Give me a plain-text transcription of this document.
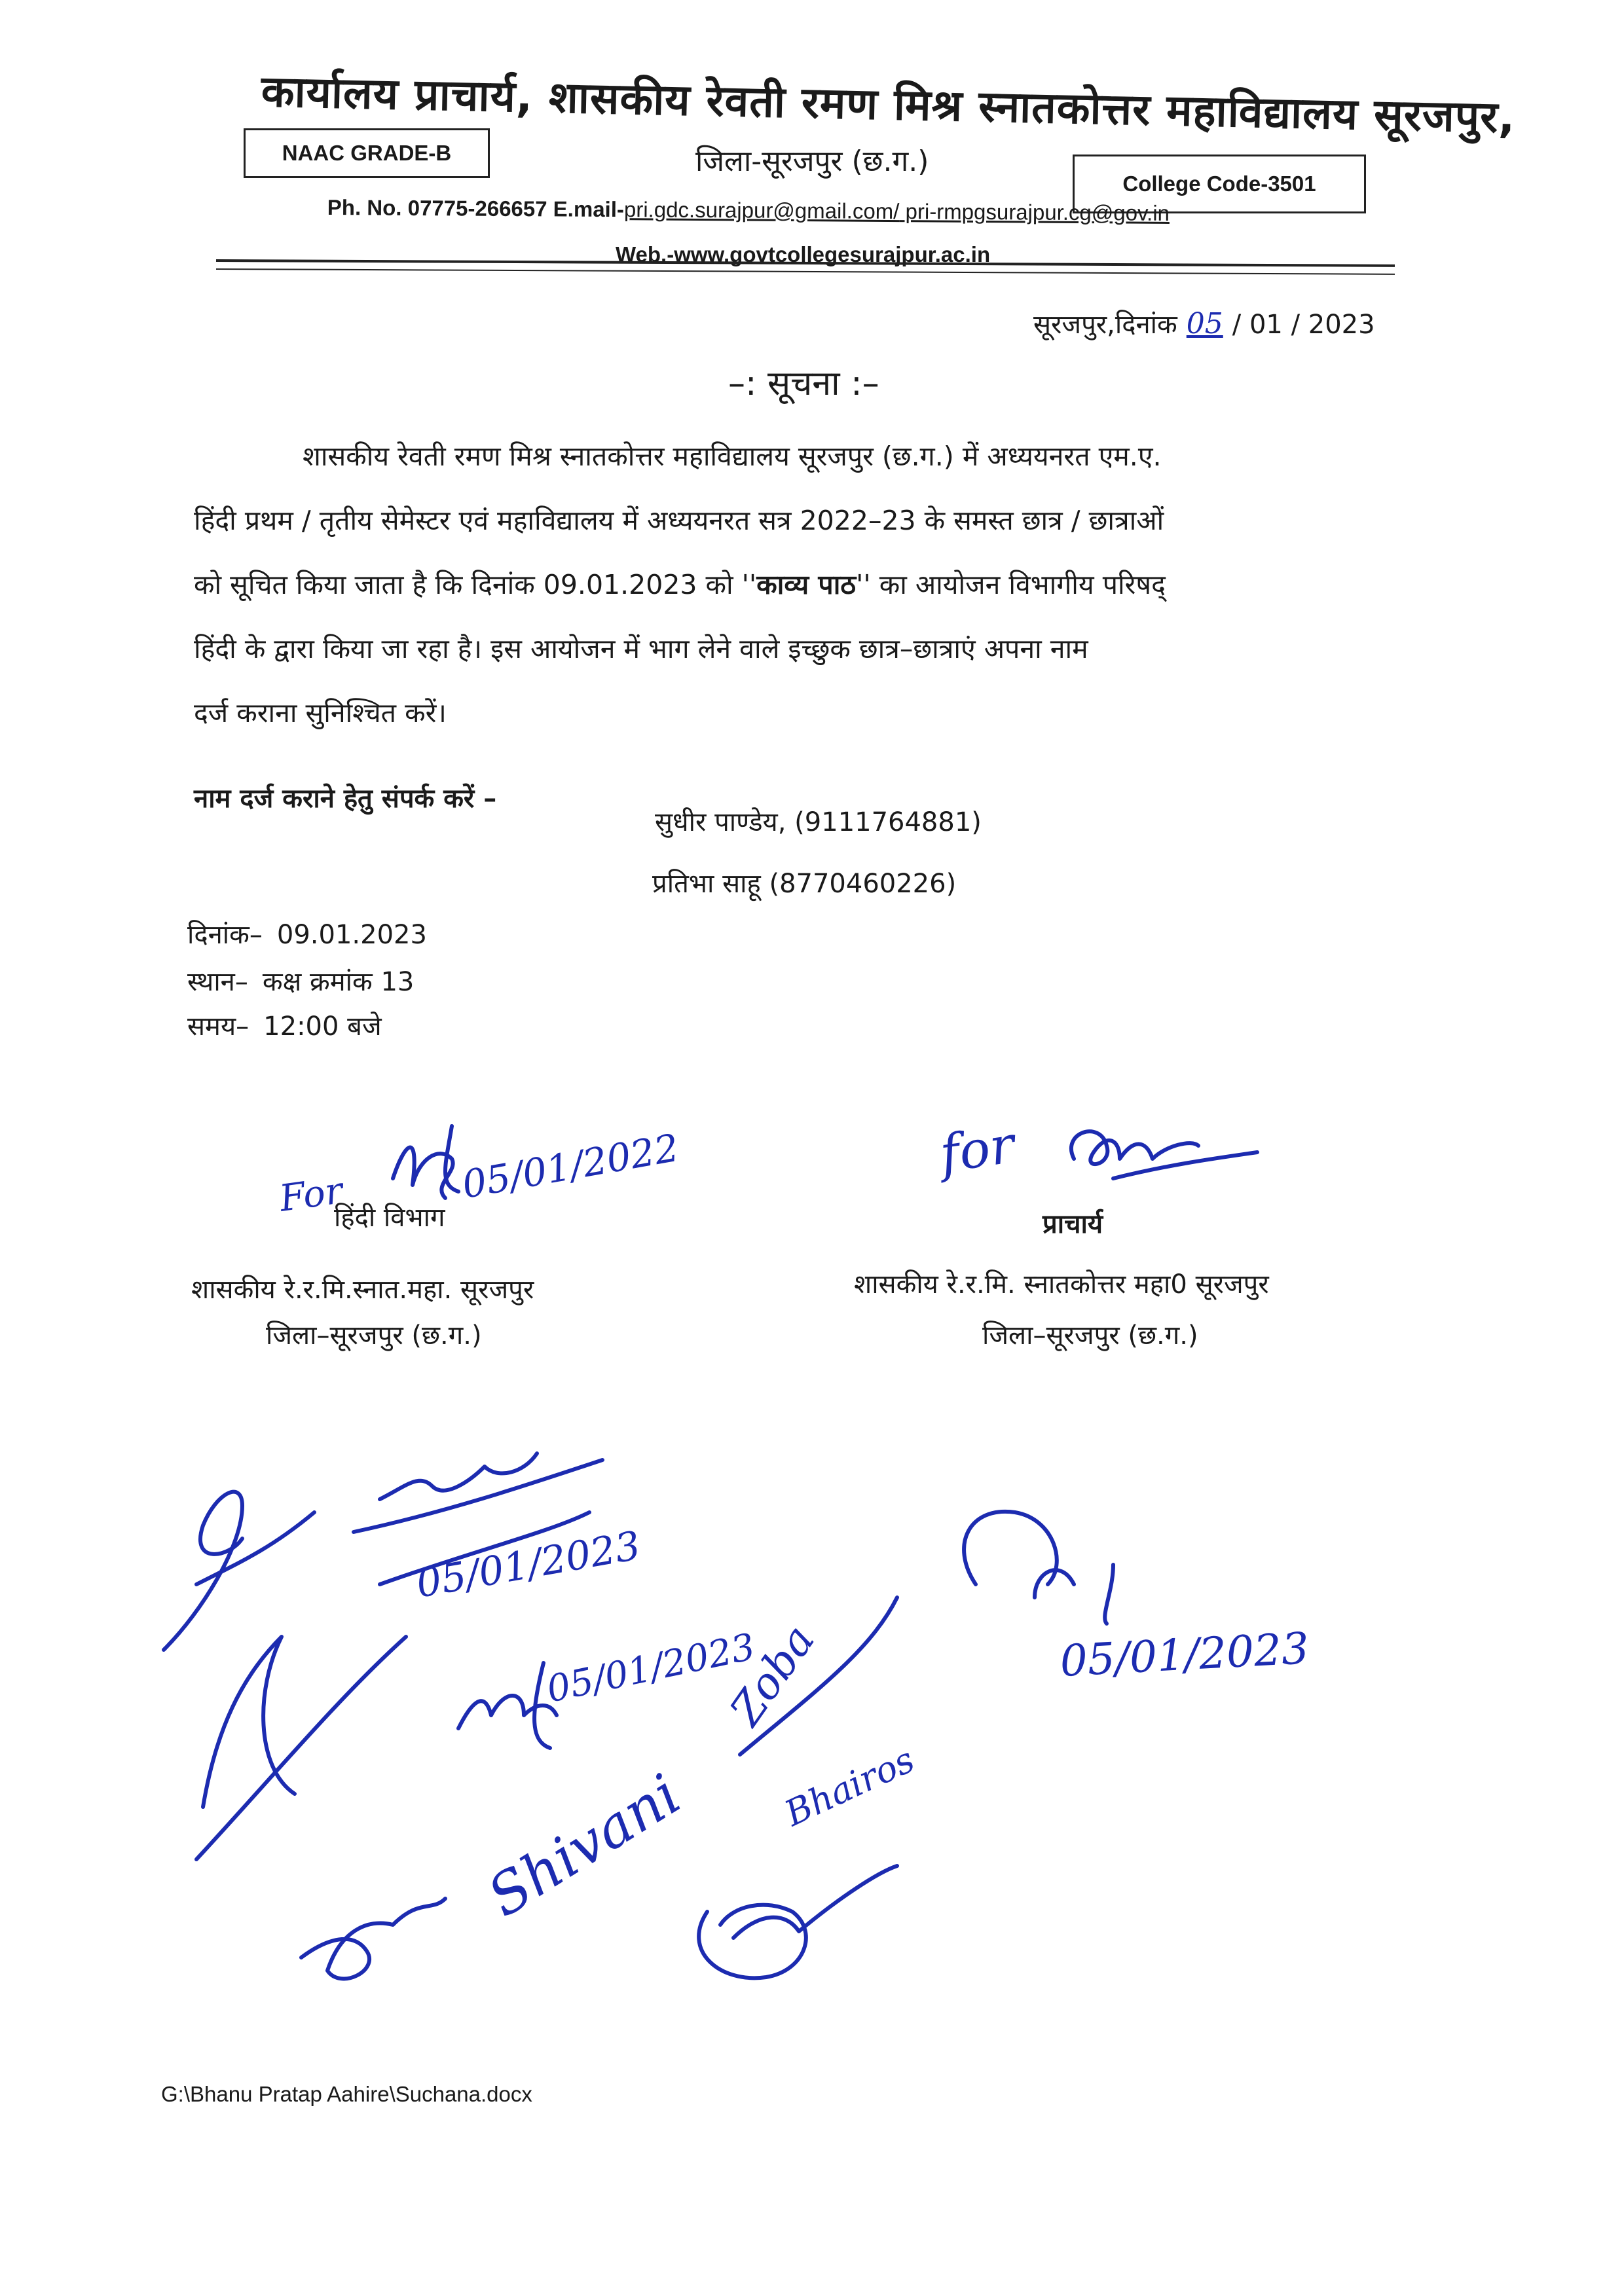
कार्यालय प्राचार्य, शासकीय रेवती रमण मिश्र स्नातकोत्तर महाविद्यालय सूरजपुर,
NAAC GRADE-B	जिला-सूरजपुर (छ.ग.)
College Code-3501
Ph. No. 07775-266657 E.mail-pri.gdc.surajpur@gmail.com/ pri-rmpgsurajpur.cg@gov.in
Web.-www.govtcollegesurajpur.ac.in
सूरजपुर,दिनांक 05 / 01 / 2023
–: सूचना :–
शासकीय रेवती रमण मिश्र स्नातकोत्तर महाविद्यालय सूरजपुर (छ.ग.) में अध्ययनरत एम.ए.
हिंदी प्रथम / तृतीय सेमेस्टर एवं महाविद्यालय में अध्ययनरत सत्र 2022–23 के समस्त छात्र / छात्राओं
को सूचित किया जाता है कि दिनांक 09.01.2023 को ''काव्य पाठ'' का आयोजन विभागीय परिषद्
हिंदी के द्वारा किया जा रहा है। इस आयोजन में भाग लेने वाले इच्छुक छात्र–छात्राएं अपना नाम
दर्ज कराना सुनिश्चित करें।
नाम दर्ज कराने हेतु संपर्क करें –
सुधीर पाण्डेय, (9111764881)
प्रतिभा साहू (8770460226)
दिनांक– 09.01.2023
स्थान– कक्ष क्रमांक 13
समय– 12:00 बजे
For	05/01/2022	for
05/01/2023
05/01/2023
Shivani
Zoba
Bhairos
05/01/2023
हिंदी विभाग
शासकीय रे.र.मि.स्नात.महा. सूरजपुर
जिला–सूरजपुर (छ.ग.)
प्राचार्य
शासकीय रे.र.मि. स्नातकोत्तर महा0 सूरजपुर
जिला–सूरजपुर (छ.ग.)
G:\Bhanu Pratap Aahire\Suchana.docx
